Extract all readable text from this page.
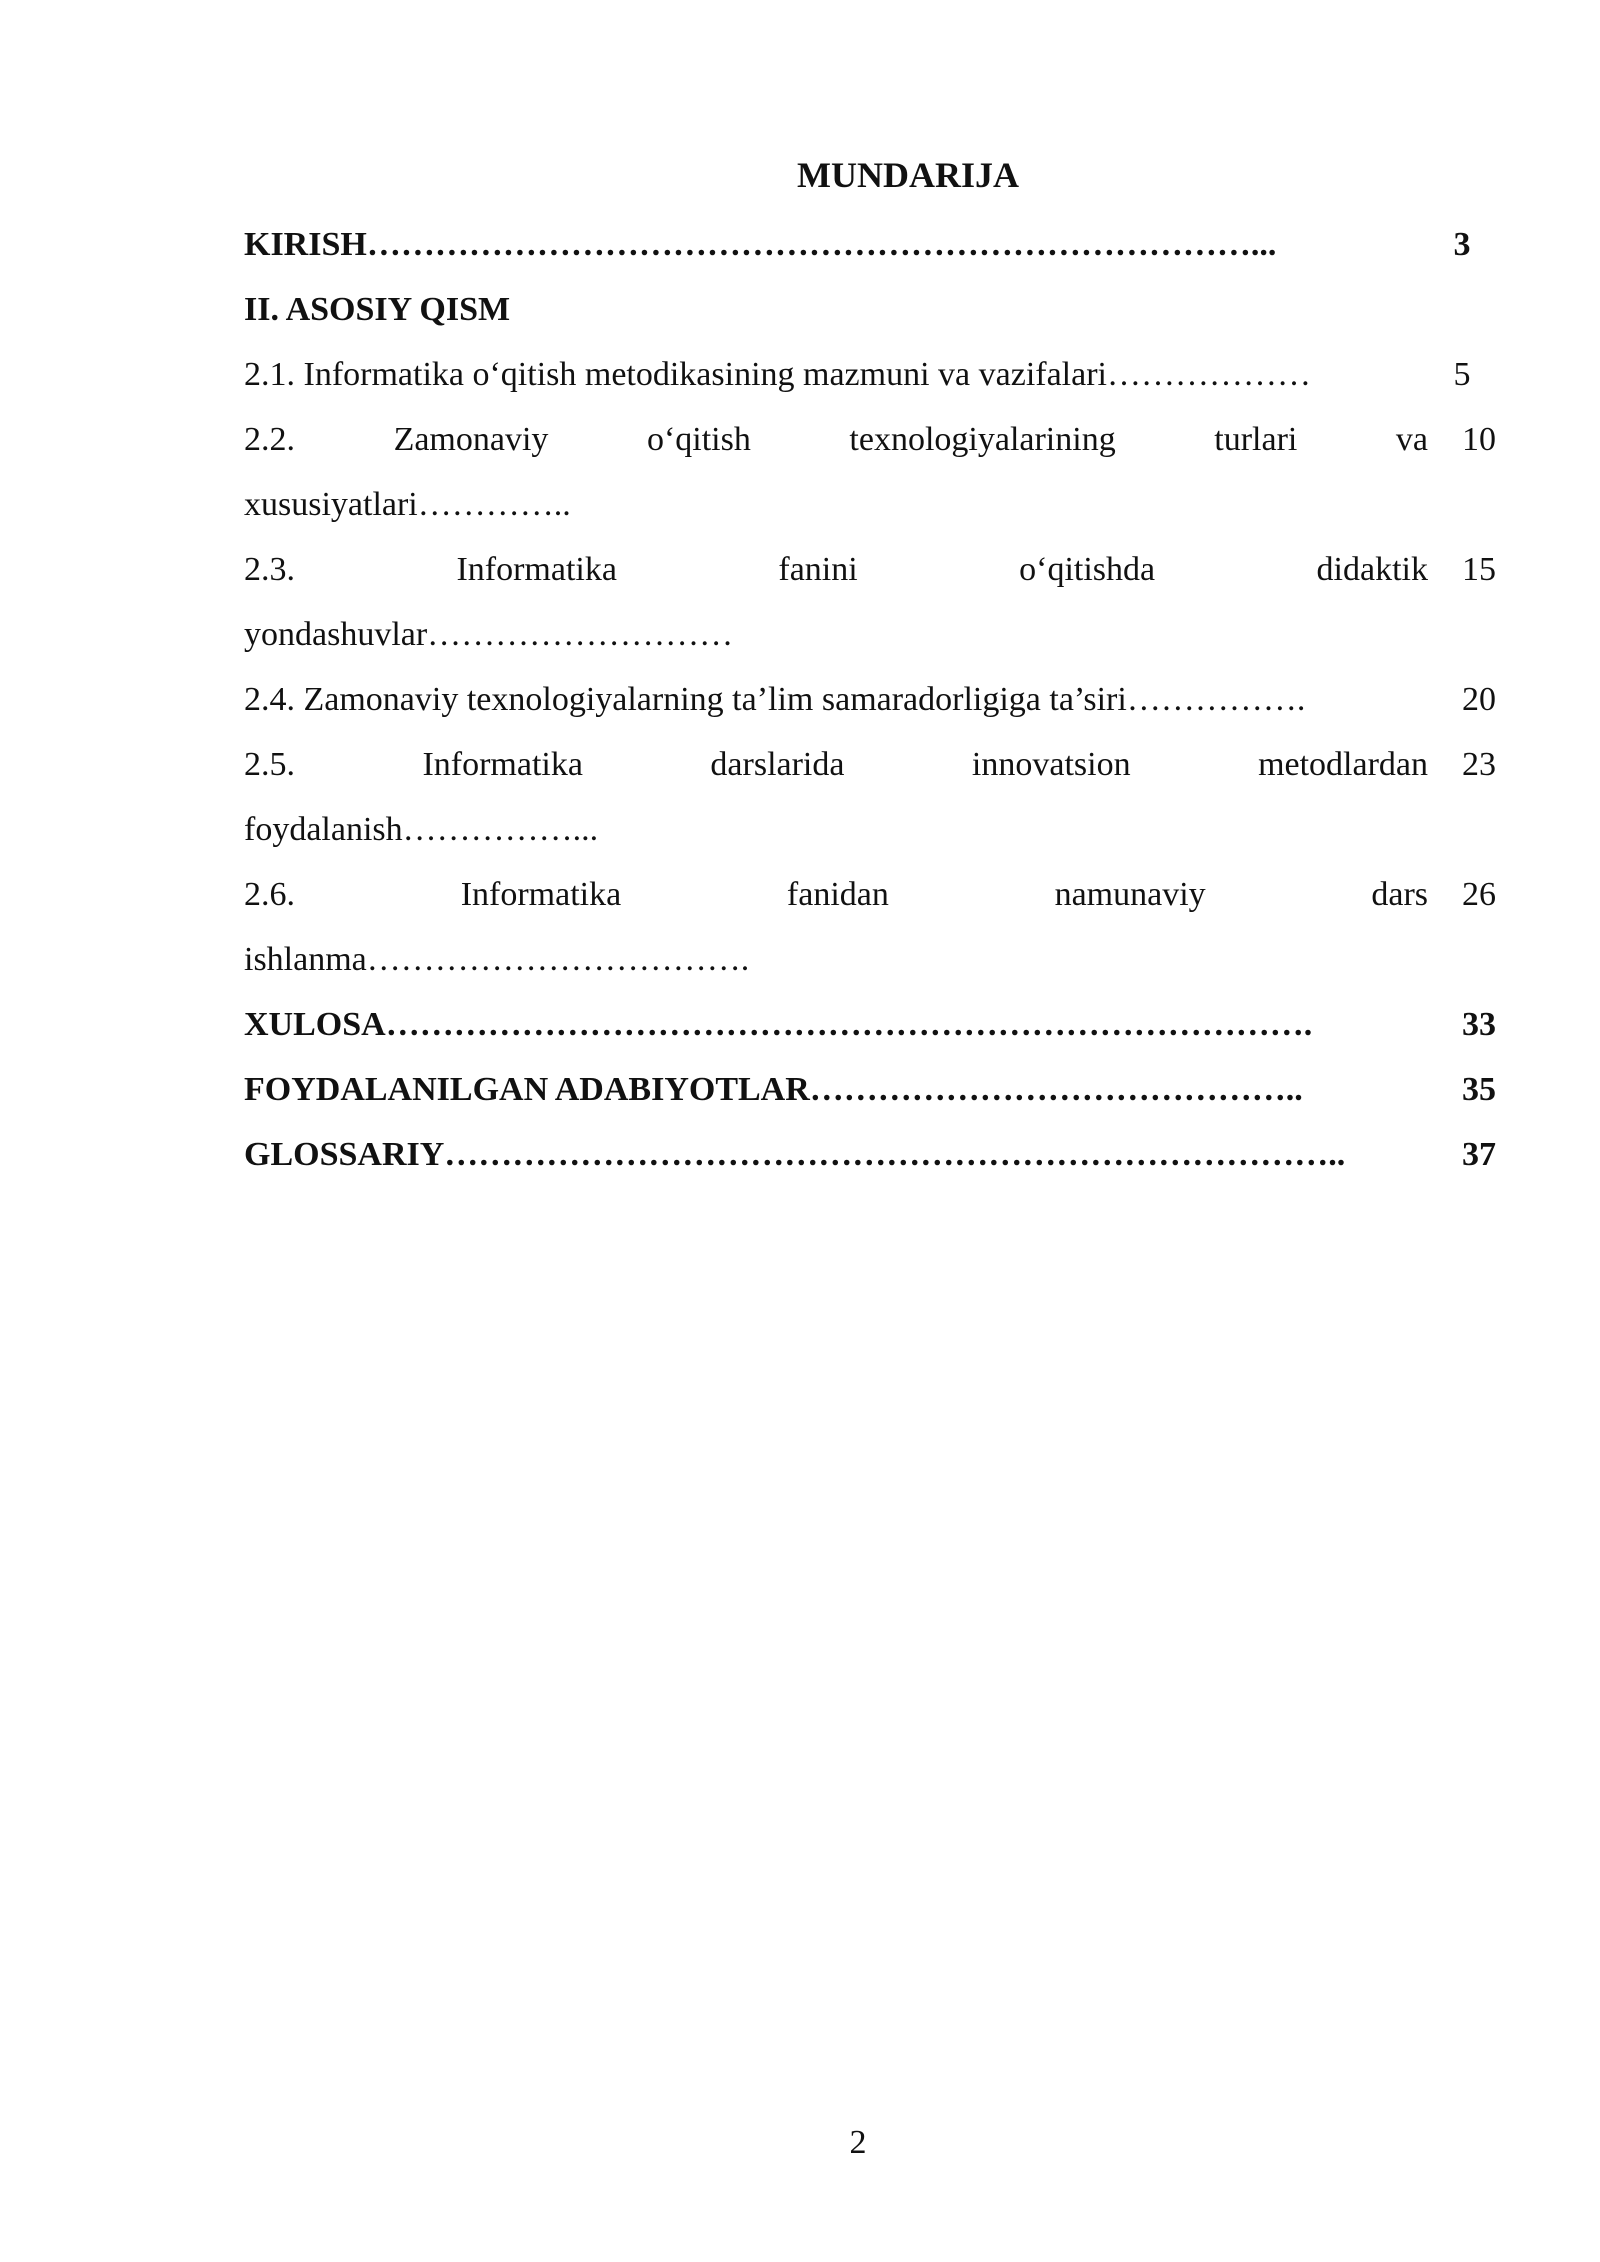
MUNDARIJA
KIRISH……………………………………………………………………...	3
II. ASOSIY QISM
2.1. Informatika o‘qitish metodikasining mazmuni va vazifalari………………	5
2.2. Zamonaviy o‘qitish texnologiyalarining turlari va	10
xususiyatlari…………..
2.3. Informatika fanini o‘qitishda didaktik	15
yondashuvlar………………………
2.4. Zamonaviy texnologiyalarning ta’lim samaradorligiga ta’siri…………….	20
2.5. Informatika darslarida innovatsion metodlardan	23
foydalanish……………...
2.6. Informatika fanidan namunaviy dars	26
ishlanma…………………………….
XULOSA……………………………………………………………………….	33
FOYDALANILGAN ADABIYOTLAR……………………………………..	35
GLOSSARIY……………………………………………………………………..	37
2
